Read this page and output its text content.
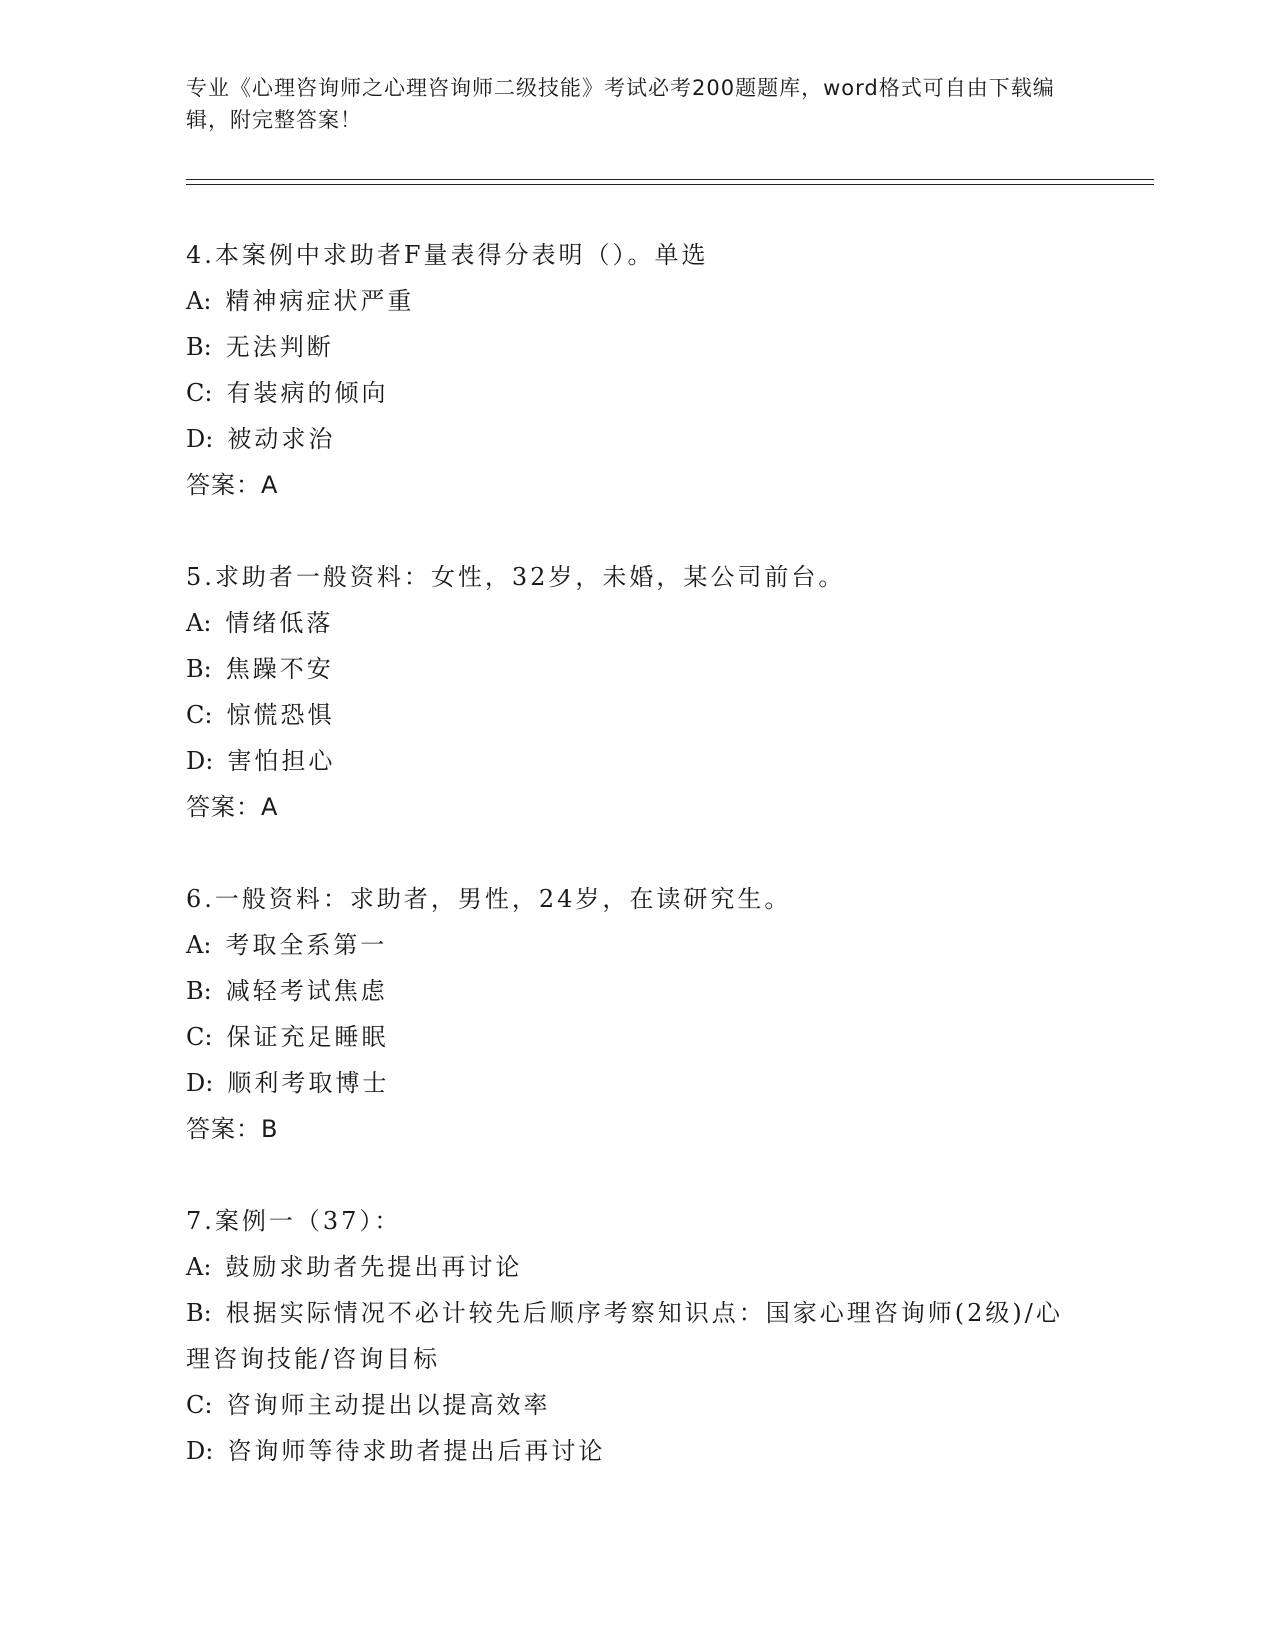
专业《心理咨询师之心理咨询师二级技能》考试必考200题题库，word格式可自由下载编辑，附完整答案！
4.本案例中求助者F量表得分表明（）。单选
A: 精神病症状严重
B: 无法判断
C: 有装病的倾向
D: 被动求治
答案：A
5.求助者一般资料：女性，32岁，未婚，某公司前台。
A: 情绪低落
B: 焦躁不安
C: 惊慌恐惧
D: 害怕担心
答案：A
6.一般资料：求助者，男性，24岁，在读研究生。
A: 考取全系第一
B: 减轻考试焦虑
C: 保证充足睡眠
D: 顺利考取博士
答案：B
7.案例一（37）：
A: 鼓励求助者先提出再讨论
B: 根据实际情况不必计较先后顺序考察知识点：国家心理咨询师(2级)/心理咨询技能/咨询目标
C: 咨询师主动提出以提高效率
D: 咨询师等待求助者提出后再讨论
